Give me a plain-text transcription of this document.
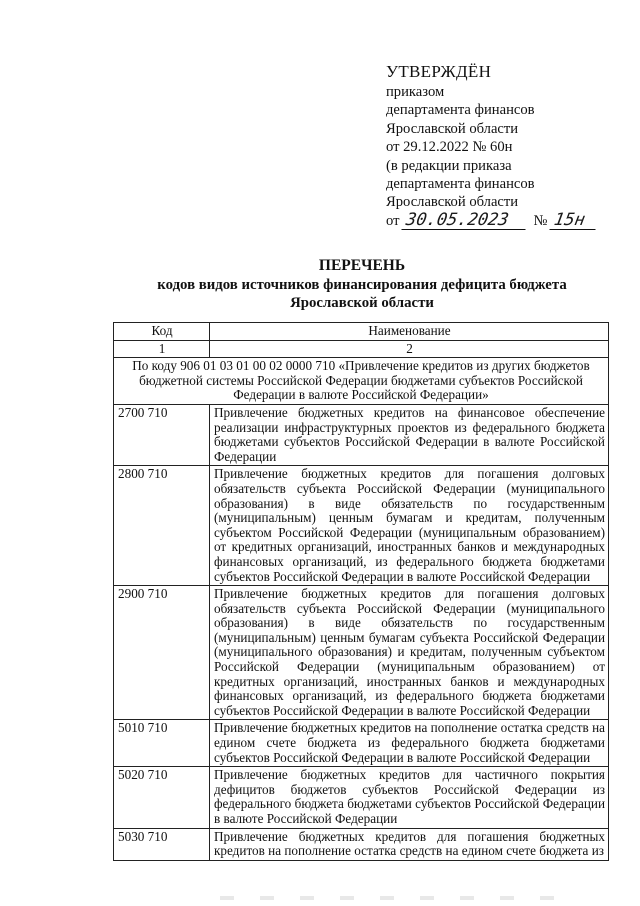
УТВЕРЖДЁН
приказом
департамента финансов
Ярославской области
от 29.12.2022 № 60н
(в редакции приказа
департамента финансов
Ярославской области
от 30.05.2023	№ 15н
ПЕРЕЧЕНЬ
кодов видов источников финансирования дефицита бюджета
Ярославской области
Код	Наименование
1	2
По коду 906 01 03 01 00 02 0000 710 «Привлечение кредитов из других бюджетов бюджетной системы Российской Федерации бюджетами субъектов Российской Федерации в валюте Российской Федерации»	
2700 710	Привлечение бюджетных кредитов на финансовое обеспечение реализации инфраструктурных проектов из федерального бюджета бюджетами субъектов Российской Федерации в валюте Российской Федерации
2800 710	Привлечение бюджетных кредитов для погашения долговых обязательств субъекта Российской Федерации (муниципального образования) в виде обязательств по государственным (муниципальным) ценным бумагам и кредитам, полученным субъектом Российской Федерации (муниципальным образованием) от кредитных организаций, иностранных банков и международных финансовых организаций, из федерального бюджета бюджетами субъектов Российской Федерации в валюте Российской Федерации
2900 710	Привлечение бюджетных кредитов для погашения долговых обязательств субъекта Российской Федерации (муниципального образования) в виде обязательств по государственным (муниципальным) ценным бумагам субъекта Российской Федерации (муниципального образования) и кредитам, полученным субъектом Российской Федерации (муниципальным образованием) от кредитных организаций, иностранных банков и международных финансовых организаций, из федерального бюджета бюджетами субъектов Российской Федерации в валюте Российской Федерации
5010 710	Привлечение бюджетных кредитов на пополнение остатка средств на едином счете бюджета из федерального бюджета бюджетами субъектов Российской Федерации в валюте Российской Федерации
5020 710	Привлечение бюджетных кредитов для частичного покрытия дефицитов бюджетов субъектов Российской Федерации из федерального бюджета бюджетами субъектов Российской Федерации в валюте Российской Федерации
5030 710	Привлечение бюджетных кредитов для погашения бюджетных кредитов на пополнение остатка средств на едином счете бюджета из
